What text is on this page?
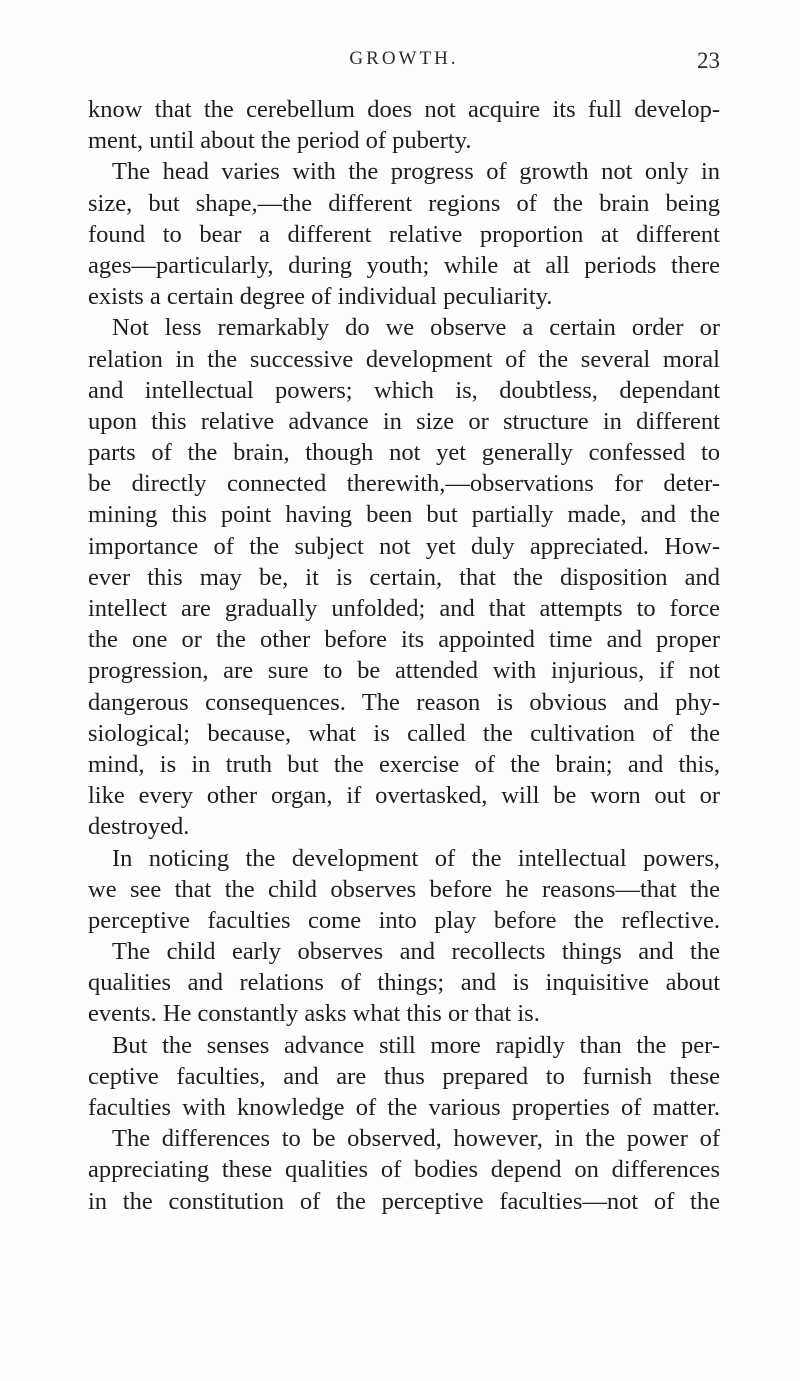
GROWTH.	23
know that the cerebellum does not acquire its full develop-
ment, until about the period of puberty.
The head varies with the progress of growth not only in
size, but shape,—the different regions of the brain being
found to bear a different relative proportion at different
ages—particularly, during youth; while at all periods there
exists a certain degree of individual peculiarity.
Not less remarkably do we observe a certain order or
relation in the successive development of the several moral
and intellectual powers; which is, doubtless, dependant
upon this relative advance in size or structure in different
parts of the brain, though not yet generally confessed to
be directly connected therewith,—observations for deter-
mining this point having been but partially made, and the
importance of the subject not yet duly appreciated. How-
ever this may be, it is certain, that the disposition and
intellect are gradually unfolded; and that attempts to force
the one or the other before its appointed time and proper
progression, are sure to be attended with injurious, if not
dangerous consequences. The reason is obvious and phy-
siological; because, what is called the cultivation of the
mind, is in truth but the exercise of the brain; and this,
like every other organ, if overtasked, will be worn out or
destroyed.
In noticing the development of the intellectual powers,
we see that the child observes before he reasons—that the
perceptive faculties come into play before the reflective.
The child early observes and recollects things and the
qualities and relations of things; and is inquisitive about
events. He constantly asks what this or that is.
But the senses advance still more rapidly than the per-
ceptive faculties, and are thus prepared to furnish these
faculties with knowledge of the various properties of matter.
The differences to be observed, however, in the power of
appreciating these qualities of bodies depend on differences
in the constitution of the perceptive faculties—not of the
